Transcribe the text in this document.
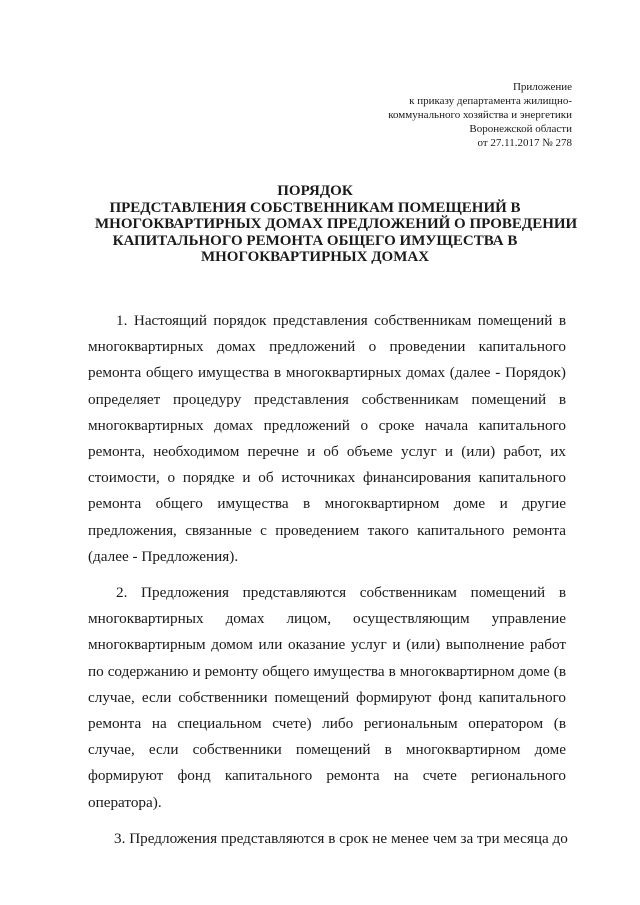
Приложение
к приказу департамента жилищно-
коммунального хозяйства и энергетики
Воронежской области
от 27.11.2017 № 278
ПОРЯДОК
ПРЕДСТАВЛЕНИЯ СОБСТВЕННИКАМ ПОМЕЩЕНИЙ В
МНОГОКВАРТИРНЫХ ДОМАХ ПРЕДЛОЖЕНИЙ О ПРОВЕДЕНИИ
КАПИТАЛЬНОГО РЕМОНТА ОБЩЕГО ИМУЩЕСТВА В
МНОГОКВАРТИРНЫХ ДОМАХ

1. Настоящий порядок представления собственникам помещений в многоквартирных домах предложений о проведении капитального ремонта общего имущества в многоквартирных домах (далее - Порядок) определяет процедуру представления собственникам помещений в многоквартирных домах предложений о сроке начала капитального ремонта, необходимом перечне и об объеме услуг и (или) работ, их стоимости, о порядке и об источниках финансирования капитального ремонта общего имущества в многоквартирном доме и другие предложения, связанные с проведением такого капитального ремонта (далее - Предложения).

2. Предложения представляются собственникам помещений в многоквартирных домах лицом, осуществляющим управление многоквартирным домом или оказание услуг и (или) выполнение работ по содержанию и ремонту общего имущества в многоквартирном доме (в случае, если собственники помещений формируют фонд капитального ремонта на специальном счете) либо региональным оператором (в случае, если собственники помещений в многоквартирном доме формируют фонд капитального ремонта на счете регионального оператора).

3. Предложения представляются в срок не менее чем за три месяца до
